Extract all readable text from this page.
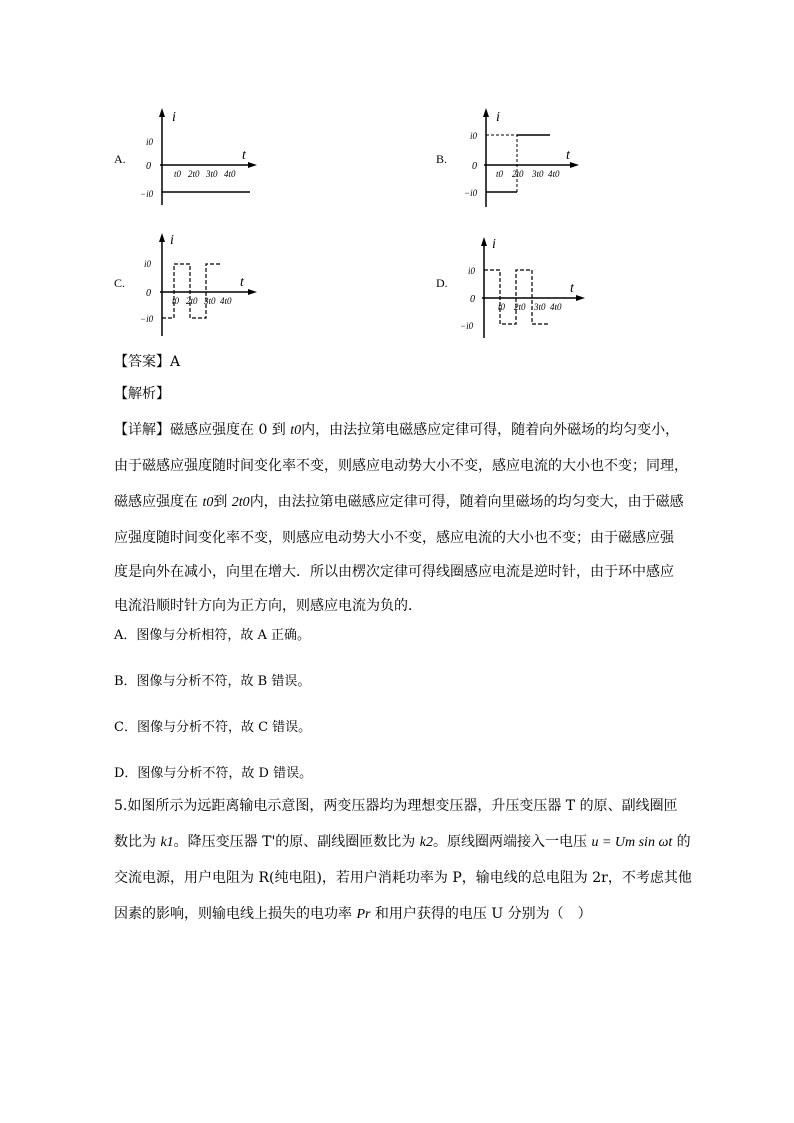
A.	B.
C.	D.
i
t
i0
0
−i0
t0 2t0 3t0 4t0
i
t
i0
0
−i0
t0 2t0 3t0 4t0
i
t
i0
0
−i0
t0 2t0 3t0 4t0
i
t
i0
0
−i0
t0 2t0 3t0 4t0
【答案】A
【解析】
【详解】磁感应强度在 0 到 t0内，由法拉第电磁感应定律可得，随着向外磁场的均匀变小，
由于磁感应强度随时间变化率不变，则感应电动势大小不变，感应电流的大小也不变；同理，
磁感应强度在 t0到 2t0内，由法拉第电磁感应定律可得，随着向里磁场的均匀变大，由于磁感
应强度随时间变化率不变，则感应电动势大小不变，感应电流的大小也不变；由于磁感应强
度是向外在减小，向里在增大．所以由楞次定律可得线圈感应电流是逆时针，由于环中感应
电流沿顺时针方向为正方向，则感应电流为负的．
A．图像与分析相符，故 A 正确。
B．图像与分析不符，故 B 错误。
C．图像与分析不符，故 C 错误。
D．图像与分析不符，故 D 错误。
5.如图所示为远距离输电示意图，两变压器均为理想变压器，升压变压器 T 的原、副线圈匝
数比为 k1。降压变压器 T'的原、副线圈匝数比为 k2。原线圈两端接入一电压 u = Um sin ωt 的
交流电源，用户电阻为 R(纯电阻)，若用户消耗功率为 P，输电线的总电阻为 2r，不考虑其他
因素的影响，则输电线上损失的电功率 Pr 和用户获得的电压 U 分别为（　）
